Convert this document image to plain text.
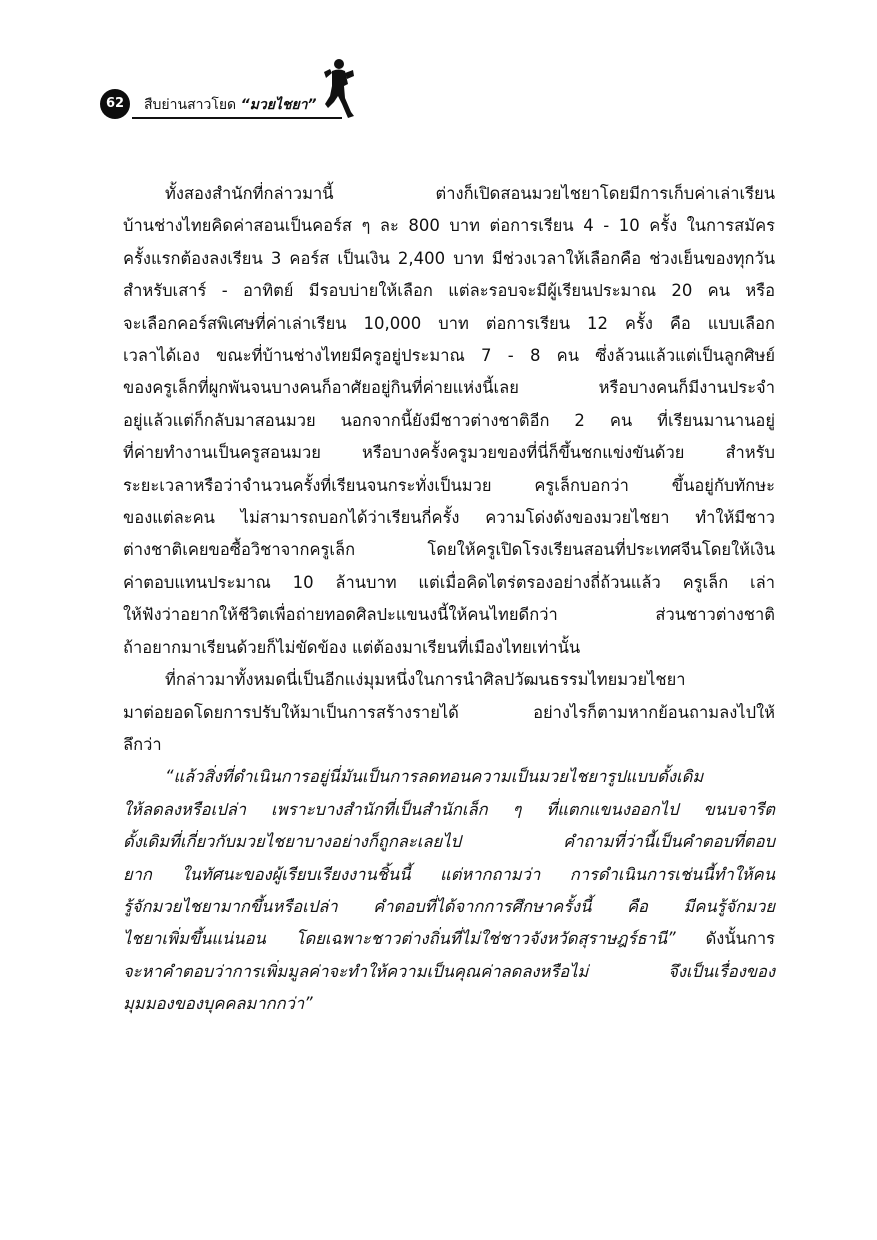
62	สืบย่านสาวโยด “มวยไชยา”
ทั้งสองสำนักที่กล่าวมานี้ ต่างก็เปิดสอนมวยไชยาโดยมีการเก็บค่าเล่าเรียน
บ้านช่างไทยคิดค่าสอนเป็นคอร์ส ๆ ละ 800 บาท ต่อการเรียน 4 - 10 ครั้ง ในการสมัคร
ครั้งแรกต้องลงเรียน 3 คอร์ส เป็นเงิน 2,400 บาท มีช่วงเวลาให้เลือกคือ ช่วงเย็นของทุกวัน
สำหรับเสาร์ - อาทิตย์ มีรอบบ่ายให้เลือก แต่ละรอบจะมีผู้เรียนประมาณ 20 คน หรือ
จะเลือกคอร์สพิเศษที่ค่าเล่าเรียน 10,000 บาท ต่อการเรียน 12 ครั้ง คือ แบบเลือก
เวลาได้เอง ขณะที่บ้านช่างไทยมีครูอยู่ประมาณ 7 - 8 คน ซึ่งล้วนแล้วแต่เป็นลูกศิษย์
ของครูเล็กที่ผูกพันจนบางคนก็อาศัยอยู่กินที่ค่ายแห่งนี้เลย หรือบางคนก็มีงานประจำ
อยู่แล้วแต่ก็กลับมาสอนมวย นอกจากนี้ยังมีชาวต่างชาติอีก 2 คน ที่เรียนมานานอยู่
ที่ค่ายทำงานเป็นครูสอนมวย หรือบางครั้งครูมวยของที่นี่ก็ขึ้นชกแข่งขันด้วย สำหรับ
ระยะเวลาหรือว่าจำนวนครั้งที่เรียนจนกระทั่งเป็นมวย ครูเล็กบอกว่า ขึ้นอยู่กับทักษะ
ของแต่ละคน ไม่สามารถบอกได้ว่าเรียนกี่ครั้ง ความโด่งดังของมวยไชยา ทำให้มีชาว
ต่างชาติเคยขอซื้อวิชาจากครูเล็ก โดยให้ครูเปิดโรงเรียนสอนที่ประเทศจีนโดยให้เงิน
ค่าตอบแทนประมาณ 10 ล้านบาท แต่เมื่อคิดไตร่ตรองอย่างถี่ถ้วนแล้ว ครูเล็ก เล่า
ให้ฟังว่าอยากให้ชีวิตเพื่อถ่ายทอดศิลปะแขนงนี้ให้คนไทยดีกว่า ส่วนชาวต่างชาติ
ถ้าอยากมาเรียนด้วยก็ไม่ขัดข้อง แต่ต้องมาเรียนที่เมืองไทยเท่านั้น
ที่กล่าวมาทั้งหมดนี่เป็นอีกแง่มุมหนึ่งในการนำศิลปวัฒนธรรมไทยมวยไชยา
มาต่อยอดโดยการปรับให้มาเป็นการสร้างรายได้ อย่างไรก็ตามหากย้อนถามลงไปให้
ลึกว่า
“แล้วสิ่งที่ดำเนินการอยู่นี่มันเป็นการลดทอนความเป็นมวยไชยารูปแบบดั้งเดิม
ให้ลดลงหรือเปล่า เพราะบางสำนักที่เป็นสำนักเล็ก ๆ ที่แตกแขนงออกไป ขนบจารีต
ดั้งเดิมที่เกี่ยวกับมวยไชยาบางอย่างก็ถูกละเลยไป คำถามที่ว่านี้เป็นคำตอบที่ตอบ
ยาก ในทัศนะของผู้เรียบเรียงงานชิ้นนี้ แต่หากถามว่า การดำเนินการเช่นนี้ทำให้คน
รู้จักมวยไชยามากขึ้นหรือเปล่า คำตอบที่ได้จากการศึกษาครั้งนี้ คือ มีคนรู้จักมวย
ไชยาเพิ่มขึ้นแน่นอน โดยเฉพาะชาวต่างถิ่นที่ไม่ใช่ชาวจังหวัดสุราษฎร์ธานี” ดังนั้นการ
จะหาคำตอบว่าการเพิ่มมูลค่าจะทำให้ความเป็นคุณค่าลดลงหรือไม่ จึงเป็นเรื่องของ
มุมมองของบุคคลมากกว่า”
